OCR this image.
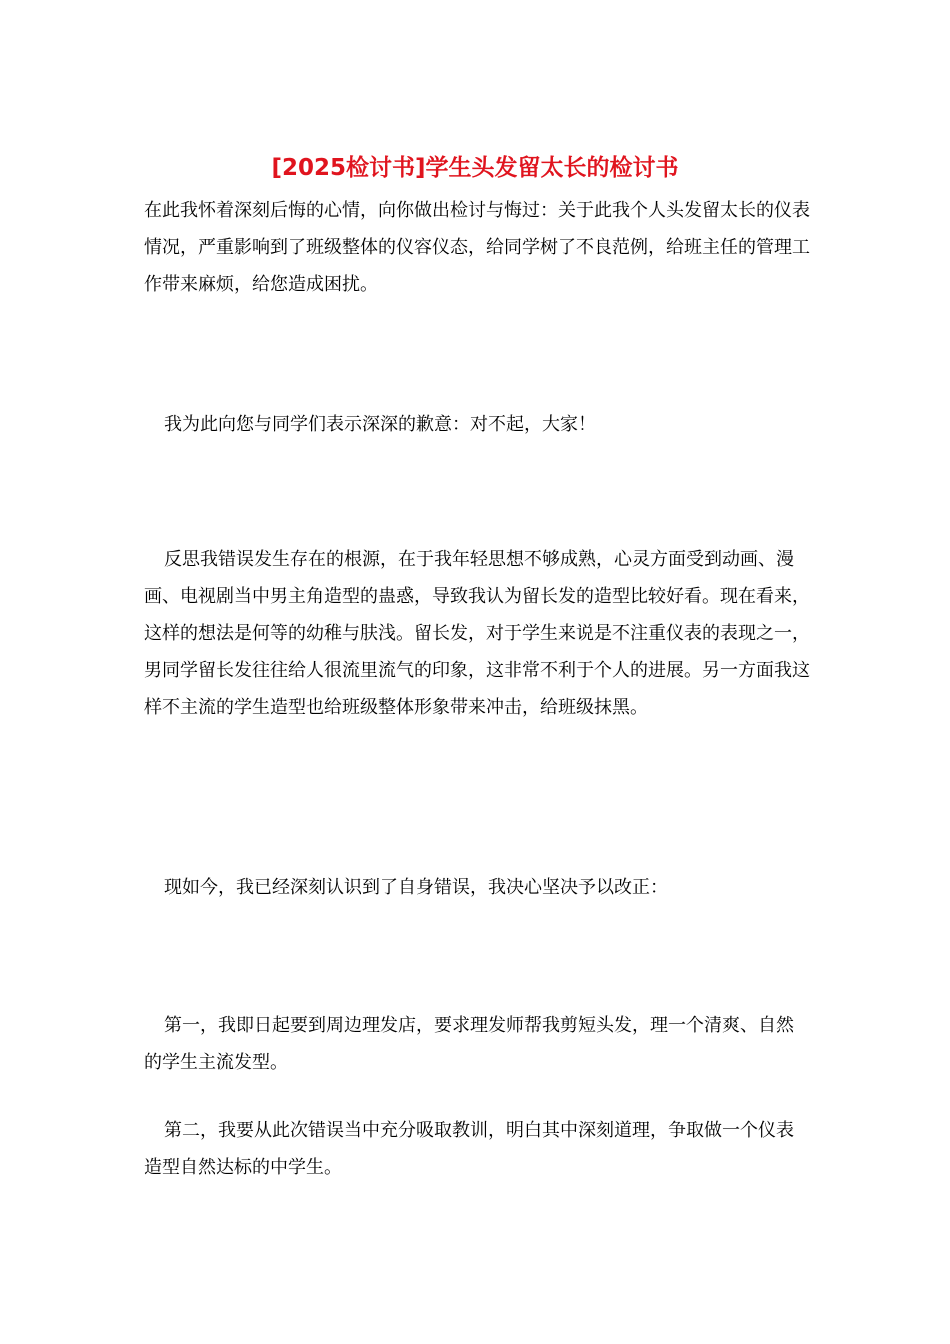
[2025检讨书]学生头发留太长的检讨书

在此我怀着深刻后悔的心情，向你做出检讨与悔过：关于此我个人头发留太长的仪表情况，严重影响到了班级整体的仪容仪态，给同学树了不良范例，给班主任的管理工作带来麻烦，给您造成困扰。

我为此向您与同学们表示深深的歉意：对不起，大家！

反思我错误发生存在的根源，在于我年轻思想不够成熟，心灵方面受到动画、漫画、电视剧当中男主角造型的蛊惑，导致我认为留长发的造型比较好看。现在看来，这样的想法是何等的幼稚与肤浅。留长发，对于学生来说是不注重仪表的表现之一，男同学留长发往往给人很流里流气的印象，这非常不利于个人的进展。另一方面我这样不主流的学生造型也给班级整体形象带来冲击，给班级抹黑。

现如今，我已经深刻认识到了自身错误，我决心坚决予以改正：

第一，我即日起要到周边理发店，要求理发师帮我剪短头发，理一个清爽、自然的学生主流发型。

第二，我要从此次错误当中充分吸取教训，明白其中深刻道理，争取做一个仪表造型自然达标的中学生。
